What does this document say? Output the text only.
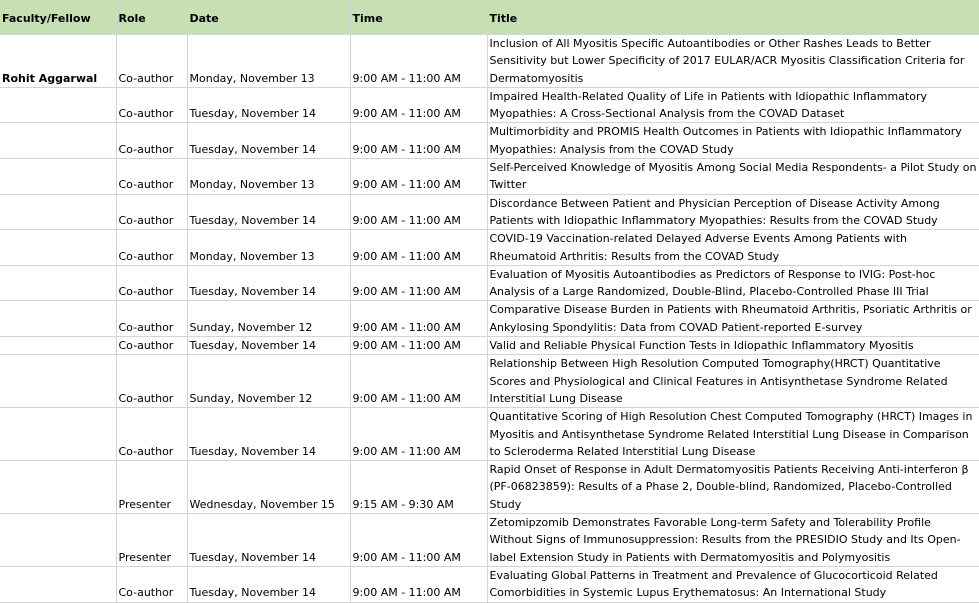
Faculty/Fellow	Role	Date	Time	Title
Rohit Aggarwal	Co-author	Monday, November 13	9:00 AM - 11:00 AM	Inclusion of All Myositis Specific Autoantibodies or Other Rashes Leads to Better Sensitivity but Lower Specificity of 2017 EULAR/ACR Myositis Classification Criteria for Dermatomyositis
	Co-author	Tuesday, November 14	9:00 AM - 11:00 AM	Impaired Health-Related Quality of Life in Patients with Idiopathic Inflammatory Myopathies: A Cross-Sectional Analysis from the COVAD Dataset
	Co-author	Tuesday, November 14	9:00 AM - 11:00 AM	Multimorbidity and PROMIS Health Outcomes in Patients with Idiopathic Inflammatory Myopathies: Analysis from the COVAD Study
	Co-author	Monday, November 13	9:00 AM - 11:00 AM	Self-Perceived Knowledge of Myositis Among Social Media Respondents- a Pilot Study on Twitter
	Co-author	Tuesday, November 14	9:00 AM - 11:00 AM	Discordance Between Patient and Physician Perception of Disease Activity Among Patients with Idiopathic Inflammatory Myopathies: Results from the COVAD Study
	Co-author	Monday, November 13	9:00 AM - 11:00 AM	COVID-19 Vaccination-related Delayed Adverse Events Among Patients with Rheumatoid Arthritis: Results from the COVAD Study
	Co-author	Tuesday, November 14	9:00 AM - 11:00 AM	Evaluation of Myositis Autoantibodies as Predictors of Response to IVIG: Post-hoc Analysis of a Large Randomized, Double-Blind, Placebo-Controlled Phase III Trial
	Co-author	Sunday, November 12	9:00 AM - 11:00 AM	Comparative Disease Burden in Patients with Rheumatoid Arthritis, Psoriatic Arthritis or Ankylosing Spondylitis: Data from COVAD Patient-reported E-survey
	Co-author	Tuesday, November 14	9:00 AM - 11:00 AM	Valid and Reliable Physical Function Tests in Idiopathic Inflammatory Myositis
	Co-author	Sunday, November 12	9:00 AM - 11:00 AM	Relationship Between High Resolution Computed Tomography(HRCT) Quantitative Scores and Physiological and Clinical Features in Antisynthetase Syndrome Related Interstitial Lung Disease
	Co-author	Tuesday, November 14	9:00 AM - 11:00 AM	Quantitative Scoring of High Resolution Chest Computed Tomography (HRCT) Images in Myositis and Antisynthetase Syndrome Related Interstitial Lung Disease in Comparison to Scleroderma Related Interstitial Lung Disease
	Presenter	Wednesday, November 15	9:15 AM - 9:30 AM	Rapid Onset of Response in Adult Dermatomyositis Patients Receiving Anti-interferon β (PF-06823859): Results of a Phase 2, Double-blind, Randomized, Placebo-Controlled Study
	Presenter	Tuesday, November 14	9:00 AM - 11:00 AM	Zetomipzomib Demonstrates Favorable Long-term Safety and Tolerability Profile Without Signs of Immunosuppression: Results from the PRESIDIO Study and Its Open-label Extension Study in Patients with Dermatomyositis and Polymyositis
	Co-author	Tuesday, November 14	9:00 AM - 11:00 AM	Evaluating Global Patterns in Treatment and Prevalence of Glucocorticoid Related Comorbidities in Systemic Lupus Erythematosus: An International Study
